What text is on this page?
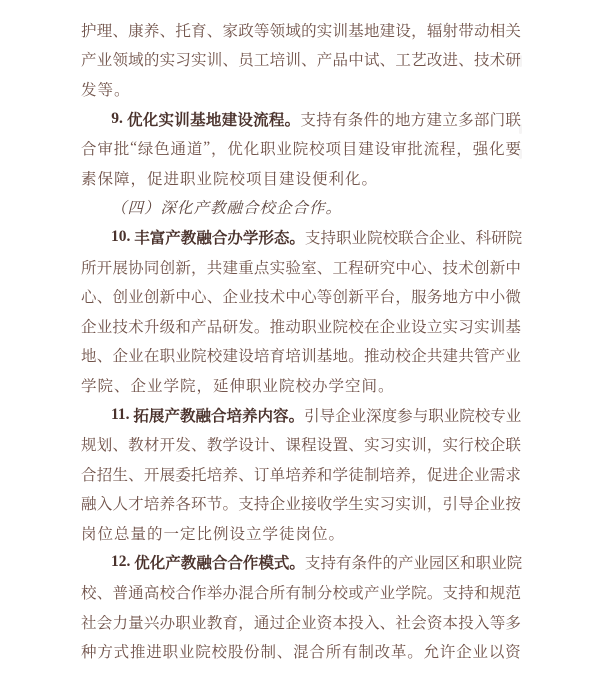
护 理 、 康 养 、 托 育 、 家 政 等 领 域 的 实 训 基 地 建 设 ， 辐 射 带 动 相 关
产 业 领 域 的 实 习 实 训 、 员 工 培 训 、 产 品 中 试 、 工 艺 改 进 、 技 术 研
发等。
9. 优 化 实 训 基 地 建 设 流 程 。 支 持 有 条 件 的 地 方 建 立 多 部 门 联
合 审 批 “ 绿 色 通 道 ” ， 优 化 职 业 院 校 项 目 建 设 审 批 流 程 ， 强 化 要
素保障，促进职业院校项目建设便利化。
（四）深化产教融合校企合作。
10. 丰 富 产 教 融 合 办 学 形 态 。 支 持 职 业 院 校 联 合 企 业 、 科 研 院
所 开 展 协 同 创 新 ， 共 建 重 点 实 验 室 、 工 程 研 究 中 心 、 技 术 创 新 中
心 、 创 业 创 新 中 心 、 企 业 技 术 中 心 等 创 新 平 台 ， 服 务 地 方 中 小 微
企 业 技 术 升 级 和 产 品 研 发 。 推 动 职 业 院 校 在 企 业 设 立 实 习 实 训 基
地 、 企 业 在 职 业 院 校 建 设 培 育 培 训 基 地 。 推 动 校 企 共 建 共 管 产 业
学院、企业学院，延伸职业院校办学空间。
11. 拓 展 产 教 融 合 培 养 内 容 。 引 导 企 业 深 度 参 与 职 业 院 校 专 业
规 划 、 教 材 开 发 、 教 学 设 计 、 课 程 设 置 、 实 习 实 训 ， 实 行 校 企 联
合 招 生 、 开 展 委 托 培 养 、 订 单 培 养 和 学 徒 制 培 养 ， 促 进 企 业 需 求
融 入 人 才 培 养 各 环 节 。 支 持 企 业 接 收 学 生 实 习 实 训 ， 引 导 企 业 按
岗位总量的一定比例设立学徒岗位。
12. 优 化 产 教 融 合 合 作 模 式 。 支 持 有 条 件 的 产 业 园 区 和 职 业 院
校 、 普 通 高 校 合 作 举 办 混 合 所 有 制 分 校 或 产 业 学 院 。 支 持 和 规 范
社 会 力 量 兴 办 职 业 教 育 ， 通 过 企 业 资 本 投 入 、 社 会 资 本 投 入 等 多
种 方 式 推 进 职 业 院 校 股 份 制 、 混 合 所 有 制 改 革 。 允 许 企 业 以 资
